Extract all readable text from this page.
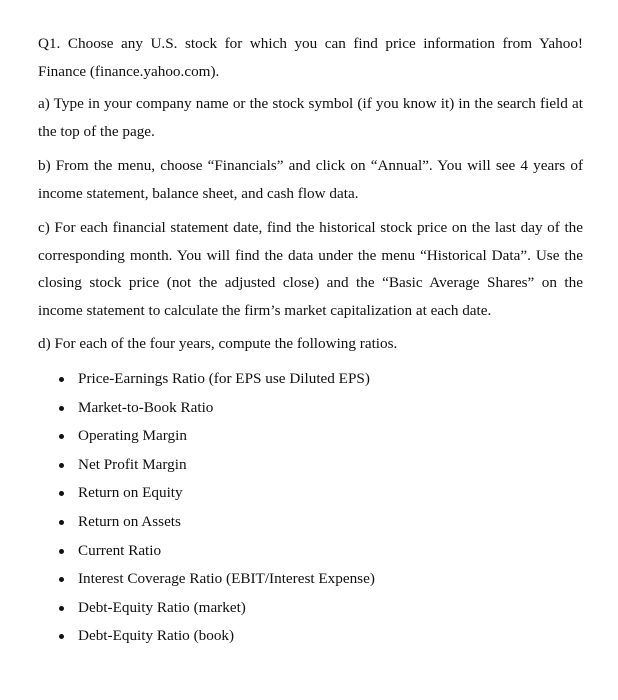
Q1. Choose any U.S. stock for which you can find price information from Yahoo! Finance (finance.yahoo.com).

a) Type in your company name or the stock symbol (if you know it) in the search field at the top of the page.

b) From the menu, choose “Financials” and click on “Annual”. You will see 4 years of income statement, balance sheet, and cash flow data.

c) For each financial statement date, find the historical stock price on the last day of the corresponding month. You will find the data under the menu “Historical Data”. Use the closing stock price (not the adjusted close) and the “Basic Average Shares” on the income statement to calculate the firm’s market capitalization at each date.

d) For each of the four years, compute the following ratios.

Price-Earnings Ratio (for EPS use Diluted EPS)
Market-to-Book Ratio
Operating Margin
Net Profit Margin
Return on Equity
Return on Assets
Current Ratio
Interest Coverage Ratio (EBIT/Interest Expense)
Debt-Equity Ratio (market)
Debt-Equity Ratio (book)
